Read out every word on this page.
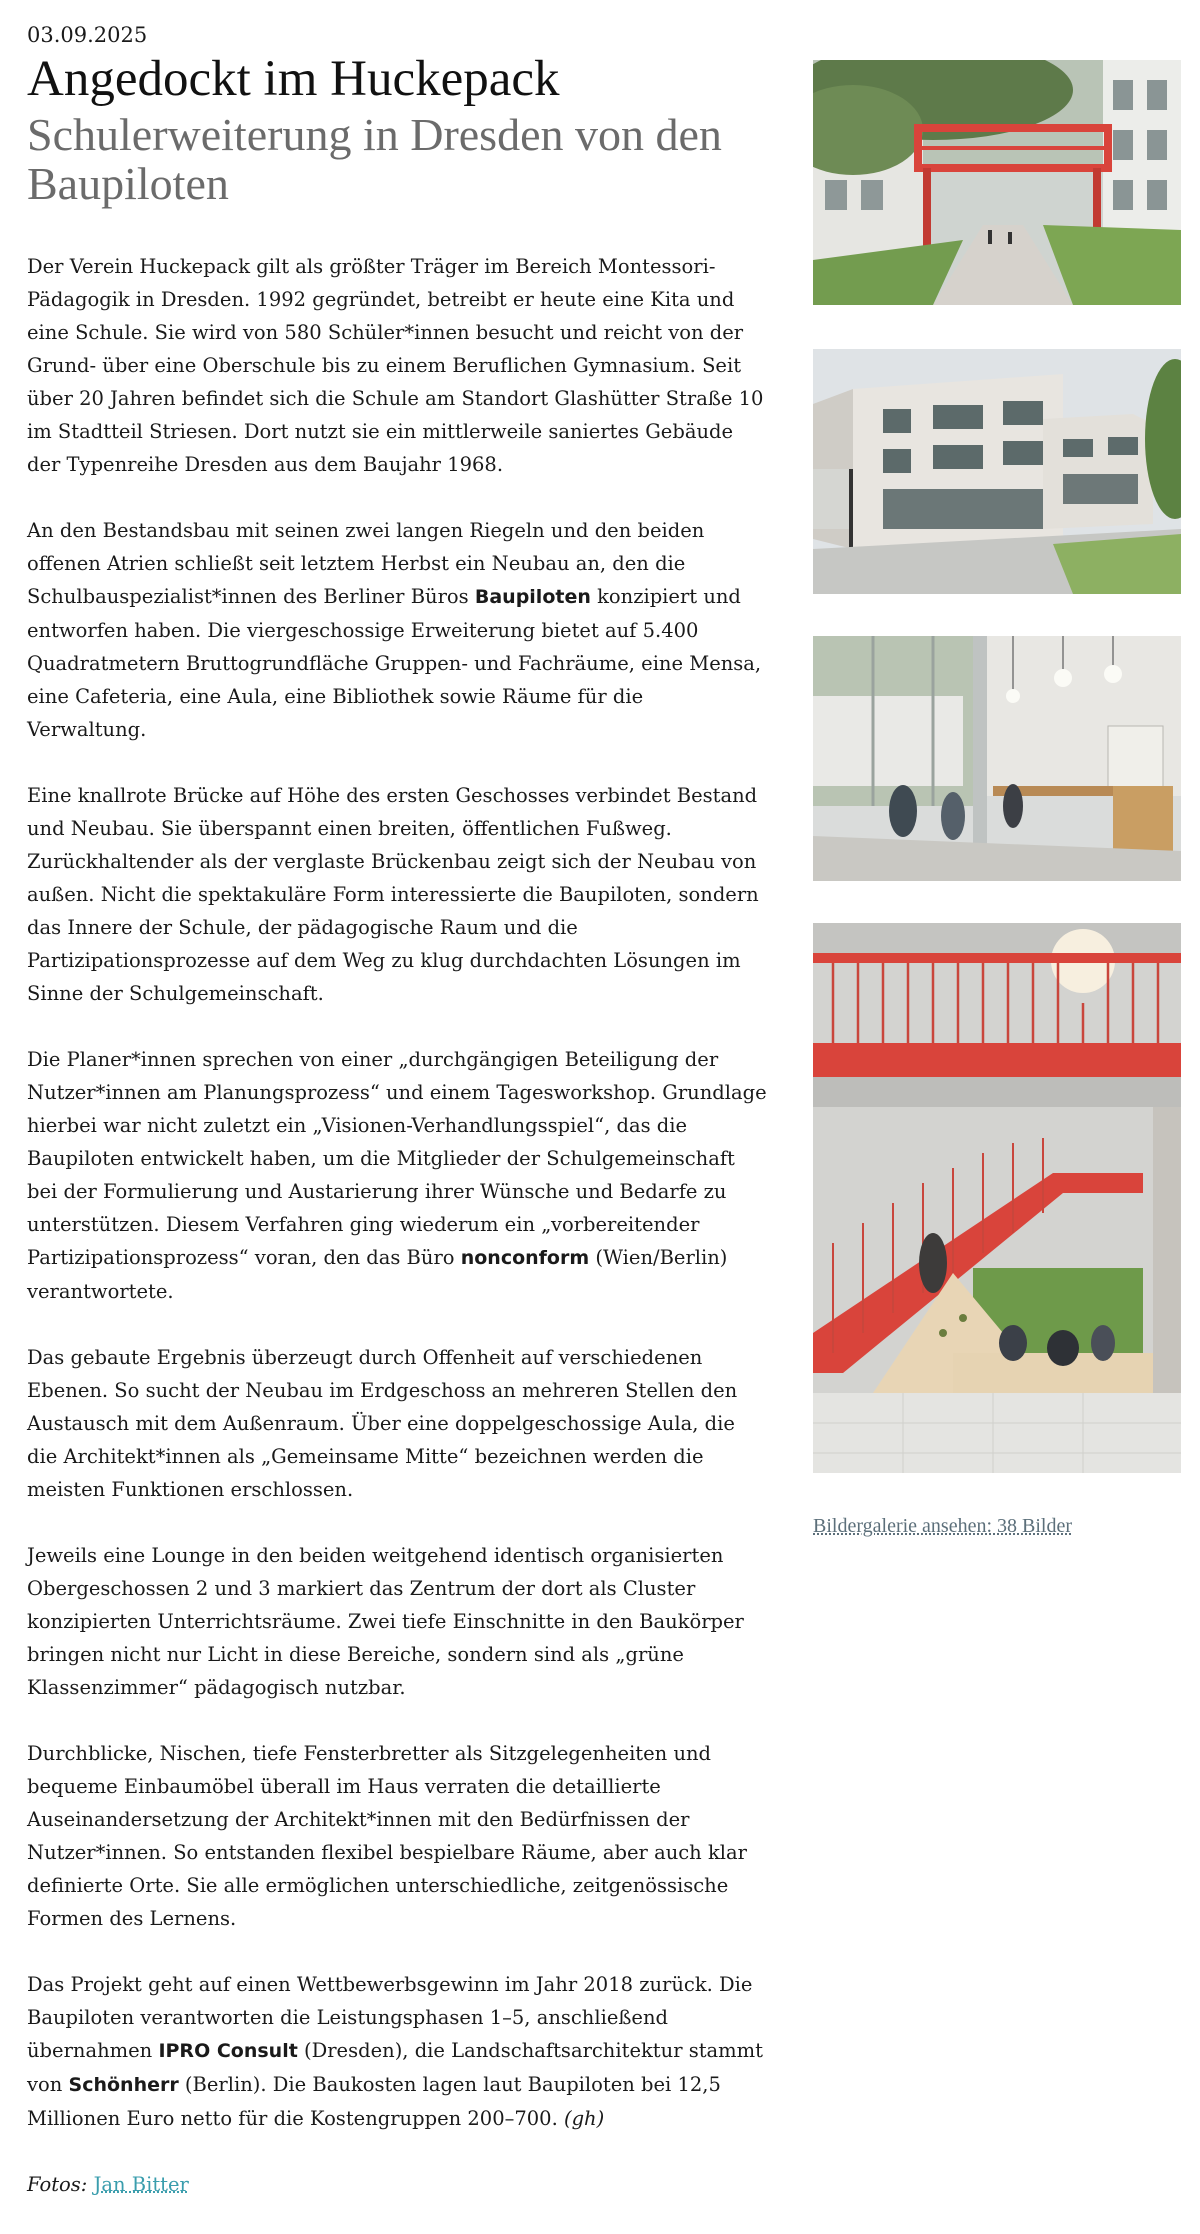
03.09.2025
Angedockt im Huckepack
Schulerweiterung in Dresden von den Baupiloten

Der Verein Huckepack gilt als größter Träger im Bereich Montessori-Pädagogik in Dresden. 1992 gegründet, betreibt er heute eine Kita und eine Schule. Sie wird von 580 Schüler*innen besucht und reicht von der Grund- über eine Oberschule bis zu einem Beruflichen Gymnasium. Seit über 20 Jahren befindet sich die Schule am Standort Glashütter Straße 10 im Stadtteil Striesen. Dort nutzt sie ein mittlerweile saniertes Gebäude der Typenreihe Dresden aus dem Baujahr 1968.

An den Bestandsbau mit seinen zwei langen Riegeln und den beiden offenen Atrien schließt seit letztem Herbst ein Neubau an, den die Schulbauspezialist*innen des Berliner Büros Baupiloten konzipiert und entworfen haben. Die viergeschossige Erweiterung bietet auf 5.400 Quadratmetern Bruttogrundfläche Gruppen- und Fachräume, eine Mensa, eine Cafeteria, eine Aula, eine Bibliothek sowie Räume für die Verwaltung.

Eine knallrote Brücke auf Höhe des ersten Geschosses verbindet Bestand und Neubau. Sie überspannt einen breiten, öffentlichen Fußweg. Zurückhaltender als der verglaste Brückenbau zeigt sich der Neubau von außen. Nicht die spektakuläre Form interessierte die Baupiloten, sondern das Innere der Schule, der pädagogische Raum und die Partizipationsprozesse auf dem Weg zu klug durchdachten Lösungen im Sinne der Schulgemeinschaft.

Die Planer*innen sprechen von einer „durchgängigen Beteiligung der Nutzer*innen am Planungsprozess“ und einem Tagesworkshop. Grundlage hierbei war nicht zuletzt ein „Visionen-Verhandlungsspiel“, das die Baupiloten entwickelt haben, um die Mitglieder der Schulgemeinschaft bei der Formulierung und Austarierung ihrer Wünsche und Bedarfe zu unterstützen. Diesem Verfahren ging wiederum ein „vorbereitender Partizipationsprozess“ voran, den das Büro nonconform (Wien/Berlin) verantwortete.

Das gebaute Ergebnis überzeugt durch Offenheit auf verschiedenen Ebenen. So sucht der Neubau im Erdgeschoss an mehreren Stellen den Austausch mit dem Außenraum. Über eine doppelgeschossige Aula, die die Architekt*innen als „Gemeinsame Mitte“ bezeichnen werden die meisten Funktionen erschlossen.

Jeweils eine Lounge in den beiden weitgehend identisch organisierten Obergeschossen 2 und 3 markiert das Zentrum der dort als Cluster konzipierten Unterrichtsräume. Zwei tiefe Einschnitte in den Baukörper bringen nicht nur Licht in diese Bereiche, sondern sind als „grüne Klassenzimmer“ pädagogisch nutzbar.

Durchblicke, Nischen, tiefe Fensterbretter als Sitzgelegenheiten und bequeme Einbaumöbel überall im Haus verraten die detaillierte Auseinandersetzung der Architekt*innen mit den Bedürfnissen der Nutzer*innen. So entstanden flexibel bespielbare Räume, aber auch klar definierte Orte. Sie alle ermöglichen unterschiedliche, zeitgenössische Formen des Lernens.

Das Projekt geht auf einen Wettbewerbsgewinn im Jahr 2018 zurück. Die Baupiloten verantworten die Leistungsphasen 1–5, anschließend übernahmen IPRO Consult (Dresden), die Landschaftsarchitektur stammt von Schönherr (Berlin). Die Baukosten lagen laut Baupiloten bei 12,5 Millionen Euro netto für die Kostengruppen 200–700. (gh)

Fotos: Jan Bitter

Bildergalerie ansehen: 38 Bilder
